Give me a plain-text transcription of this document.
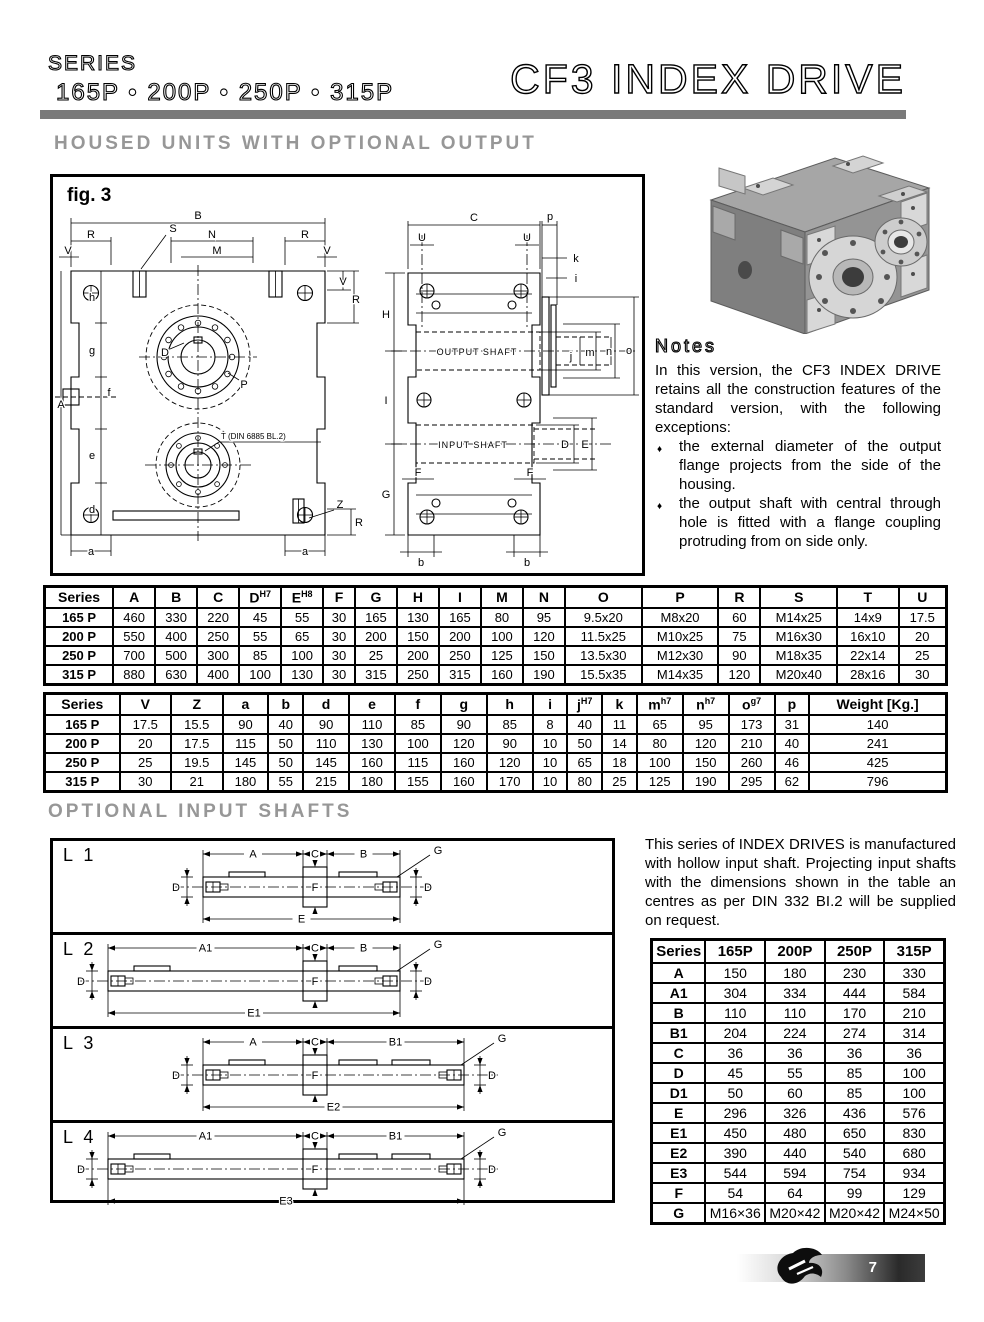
SERIES
165P • 200P • 250P • 315P	CF3 INDEX DRIVE
HOUSED UNITS WITH OPTIONAL OUTPUT
fig. 3
B
R	N	R
S
V	M	V
V
R
A
h
g
f
e
d
a	a
D
P
T (DIN 6885 BL.2)
Z
R
OUTPUT SHAFT	j m n o
INPUT SHAFT	D E
C
U	U
p
k
i
H
I
G
F	F
b	b
Notes

In this version, the CF3 INDEX DRIVE retains all the construction features of the standard version, with the following exceptions:

♦	the external diameter of the output flange projects from the side of the housing.

♦	the output shaft with central through hole is fitted with a flange coupling protruding from on side only.

Series	A	B	C	$D^{H7}$	$E^{H8}$	F	G	H	I	M	N	O	P	R	S	T	U
165 P	460	330	220	45	55	30	165	130	165	80	95	9.5x20	M8x20	60	M14x25	14x9	17.5
200 P	550	400	250	55	65	30	200	150	200	100	120	11.5x25	M10x25	75	M16x30	16x10	20
250 P	700	500	300	85	100	30	25	200	250	125	150	13.5x30	M12x30	90	M18x35	22x14	25
315 P	880	630	400	100	130	30	315	250	315	160	190	15.5x35	M14x35	120	M20x40	28x16	30
Series	V	Z	a	b	d	e	f	g	h	i	$j^{H7}$	k	$m^{h7}$	$n^{h7}$	$o^{g7}$	p	Weight [Kg.]
165 P	17.5	15.5	90	40	90	110	85	90	85	8	40	11	65	95	173	31	140
200 P	20	17.5	115	50	110	130	100	120	90	10	50	14	80	120	210	40	241
250 P	25	19.5	145	50	145	160	115	160	120	10	65	18	100	150	260	46	425
315 P	30	21	180	55	215	180	155	160	170	10	80	25	125	190	295	62	796
OPTIONAL INPUT SHAFTS
L 1	A	C	B
E
D	D
F
G
L 2	A1	C	B
E1
D	D
F
G
L 3	A	C	B1
E2
D	D
F
G
L 4	A1	C	B1
E3
D	D
F
G

This series of INDEX DRIVES is manufactured with hollow input shaft. Projecting input shafts with the dimensions shown in the table an centres as per DIN 332 BI.2 will be supplied on request.

Series	165P	200P	250P	315P
A	150	180	230	330
A1	304	334	444	584
B	110	110	170	210
B1	204	224	274	314
C	36	36	36	36
D	45	55	85	100
D1	50	60	85	100
E	296	326	436	576
E1	450	480	650	830
E2	390	440	540	680
E3	544	594	754	934
F	54	64	99	129
G	M16×36	M20×42	M20×42	M24×50
7
